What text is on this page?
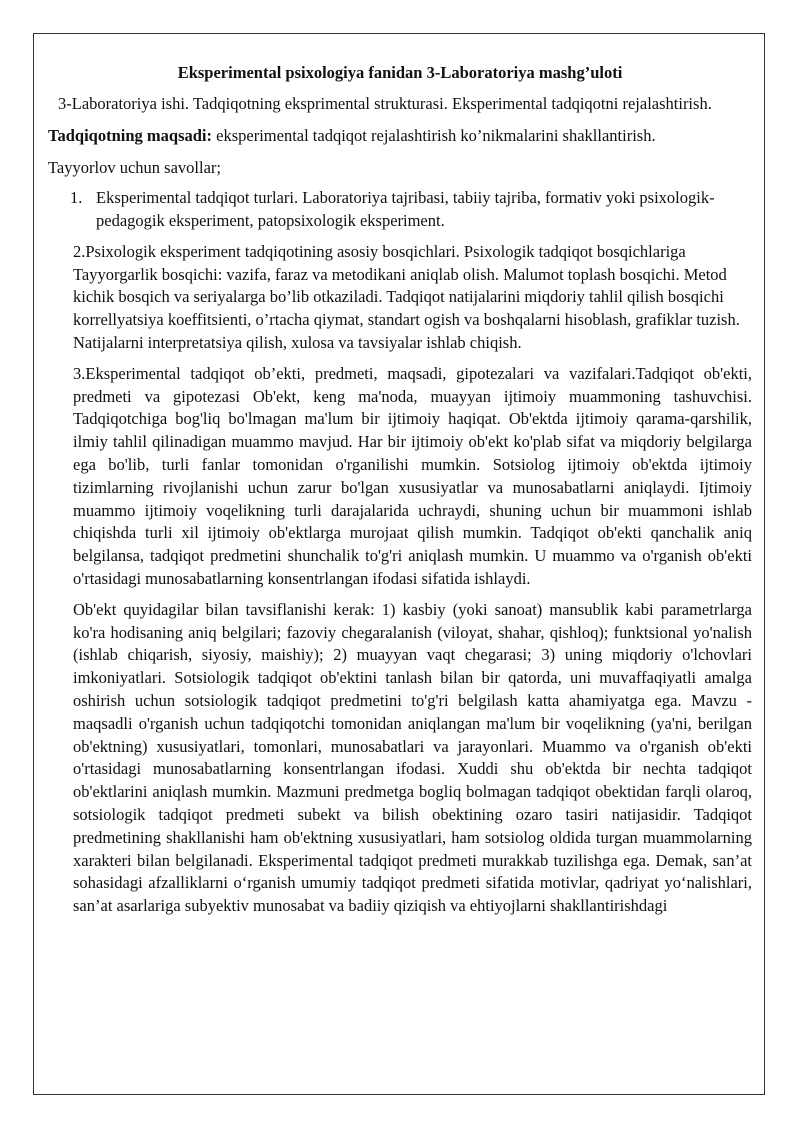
Eksperimental psixologiya fanidan 3-Laboratoriya mashg’uloti

3-Laboratoriya ishi. Tadqiqotning eksprimental strukturasi. Eksperimental tadqiqotni rejalashtirish.

Tadqiqotning maqsadi: eksperimental tadqiqot rejalashtirish ko’nikmalarini shakllantirish.

Tayyorlov uchun savollar;

1. Eksperimental tadqiqot turlari. Laboratoriya tajribasi, tabiiy tajriba, formativ yoki psixologik-pedagogik eksperiment, patopsixologik eksperiment.

2.Psixologik eksperiment tadqiqotining asosiy bosqichlari. Psixologik tadqiqot bosqichlariga Tayyorgarlik bosqichi: vazifa, faraz va metodikani aniqlab olish. Malumot toplash bosqichi. Metod kichik bosqich va seriyalarga bo’lib otkaziladi. Tadqiqot natijalarini miqdoriy tahlil qilish bosqichi korrellyatsiya koeffitsienti, o’rtacha qiymat, standart ogish va boshqalarni hisoblash, grafiklar tuzish. Natijalarni interpretatsiya qilish, xulosa va tavsiyalar ishlab chiqish.

3.Eksperimental tadqiqot ob’ekti, predmeti, maqsadi, gipotezalari va vazifalari.Tadqiqot ob'ekti, predmeti va gipotezasi Ob'ekt, keng ma'noda, muayyan ijtimoiy muammoning tashuvchisi. Tadqiqotchiga bog'liq bo'lmagan ma'lum bir ijtimoiy haqiqat. Ob'ektda ijtimoiy qarama-qarshilik, ilmiy tahlil qilinadigan muammo mavjud. Har bir ijtimoiy ob'ekt ko'plab sifat va miqdoriy belgilarga ega bo'lib, turli fanlar tomonidan o'rganilishi mumkin. Sotsiolog ijtimoiy ob'ektda ijtimoiy tizimlarning rivojlanishi uchun zarur bo'lgan xususiyatlar va munosabatlarni aniqlaydi. Ijtimoiy muammo ijtimoiy voqelikning turli darajalarida uchraydi, shuning uchun bir muammoni ishlab chiqishda turli xil ijtimoiy ob'ektlarga murojaat qilish mumkin. Tadqiqot ob'ekti qanchalik aniq belgilansa, tadqiqot predmetini shunchalik to'g'ri aniqlash mumkin. U muammo va o'rganish ob'ekti o'rtasidagi munosabatlarning konsentrlangan ifodasi sifatida ishlaydi.

Ob'ekt quyidagilar bilan tavsiflanishi kerak: 1) kasbiy (yoki sanoat) mansublik kabi parametrlarga ko'ra hodisaning aniq belgilari; fazoviy chegaralanish (viloyat, shahar, qishloq); funktsional yo'nalish (ishlab chiqarish, siyosiy, maishiy); 2) muayyan vaqt chegarasi; 3) uning miqdoriy o'lchovlari imkoniyatlari. Sotsiologik tadqiqot ob'ektini tanlash bilan bir qatorda, uni muvaffaqiyatli amalga oshirish uchun sotsiologik tadqiqot predmetini to'g'ri belgilash katta ahamiyatga ega. Mavzu - maqsadli o'rganish uchun tadqiqotchi tomonidan aniqlangan ma'lum bir voqelikning (ya'ni, berilgan ob'ektning) xususiyatlari, tomonlari, munosabatlari va jarayonlari. Muammo va o'rganish ob'ekti o'rtasidagi munosabatlarning konsentrlangan ifodasi. Xuddi shu ob'ektda bir nechta tadqiqot ob'ektlarini aniqlash mumkin. Mazmuni predmetga bogliq bolmagan tadqiqot obektidan farqli olaroq, sotsiologik tadqiqot predmeti subekt va bilish obektining ozaro tasiri natijasidir. Tadqiqot predmetining shakllanishi ham ob'ektning xususiyatlari, ham sotsiolog oldida turgan muammolarning xarakteri bilan belgilanadi. Eksperimental tadqiqot predmeti murakkab tuzilishga ega. Demak, san’at sohasidagi afzalliklarni o‘rganish umumiy tadqiqot predmeti sifatida motivlar, qadriyat yo‘nalishlari, san’at asarlariga subyektiv munosabat va badiiy qiziqish va ehtiyojlarni shakllantirishdagi
